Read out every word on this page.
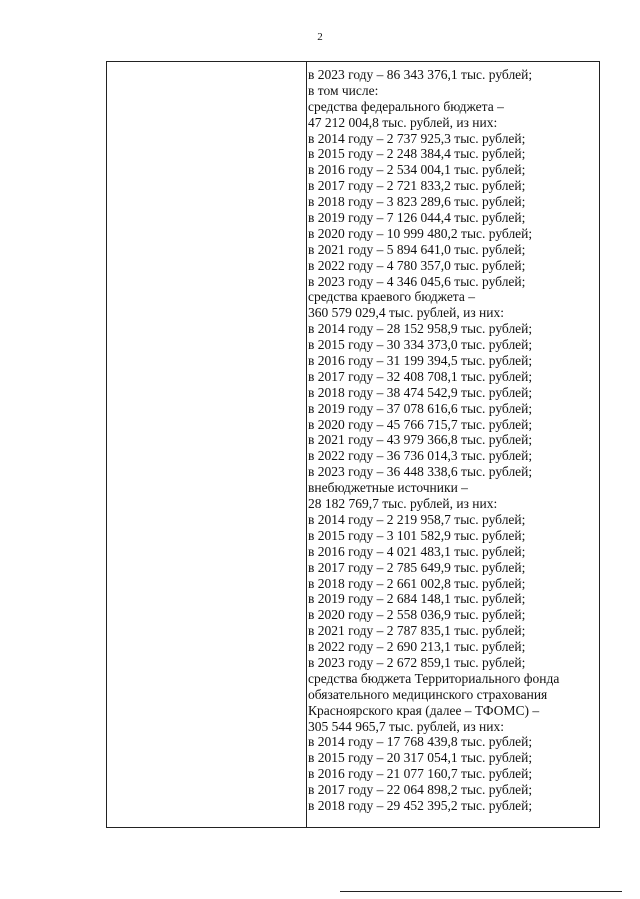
2
в 2023 году – 86 343 376,1 тыс. рублей;
в том числе:
средства федерального бюджета –
47 212 004,8 тыс. рублей, из них:
в 2014 году – 2 737 925,3 тыс. рублей;
в 2015 году – 2 248 384,4 тыс. рублей;
в 2016 году – 2 534 004,1 тыс. рублей;
в 2017 году – 2 721 833,2 тыс. рублей;
в 2018 году – 3 823 289,6 тыс. рублей;
в 2019 году – 7 126 044,4 тыс. рублей;
в 2020 году – 10 999 480,2 тыс. рублей;
в 2021 году – 5 894 641,0 тыс. рублей;
в 2022 году – 4 780 357,0 тыс. рублей;
в 2023 году – 4 346 045,6 тыс. рублей;
средства краевого бюджета –
360 579 029,4 тыс. рублей, из них:
в 2014 году – 28 152 958,9 тыс. рублей;
в 2015 году – 30 334 373,0 тыс. рублей;
в 2016 году – 31 199 394,5 тыс. рублей;
в 2017 году – 32 408 708,1 тыс. рублей;
в 2018 году – 38 474 542,9 тыс. рублей;
в 2019 году – 37 078 616,6 тыс. рублей;
в 2020 году – 45 766 715,7 тыс. рублей;
в 2021 году – 43 979 366,8 тыс. рублей;
в 2022 году – 36 736 014,3 тыс. рублей;
в 2023 году – 36 448 338,6 тыс. рублей;
внебюджетные источники –
28 182 769,7 тыс. рублей, из них:
в 2014 году – 2 219 958,7 тыс. рублей;
в 2015 году – 3 101 582,9 тыс. рублей;
в 2016 году – 4 021 483,1 тыс. рублей;
в 2017 году – 2 785 649,9 тыс. рублей;
в 2018 году – 2 661 002,8 тыс. рублей;
в 2019 году – 2 684 148,1 тыс. рублей;
в 2020 году – 2 558 036,9 тыс. рублей;
в 2021 году – 2 787 835,1 тыс. рублей;
в 2022 году – 2 690 213,1 тыс. рублей;
в 2023 году – 2 672 859,1 тыс. рублей;
средства бюджета Территориального фонда
обязательного медицинского страхования
Красноярского края (далее – ТФОМС) –
305 544 965,7 тыс. рублей, из них:
в 2014 году – 17 768 439,8 тыс. рублей;
в 2015 году – 20 317 054,1 тыс. рублей;
в 2016 году – 21 077 160,7 тыс. рублей;
в 2017 году – 22 064 898,2 тыс. рублей;
в 2018 году – 29 452 395,2 тыс. рублей;
